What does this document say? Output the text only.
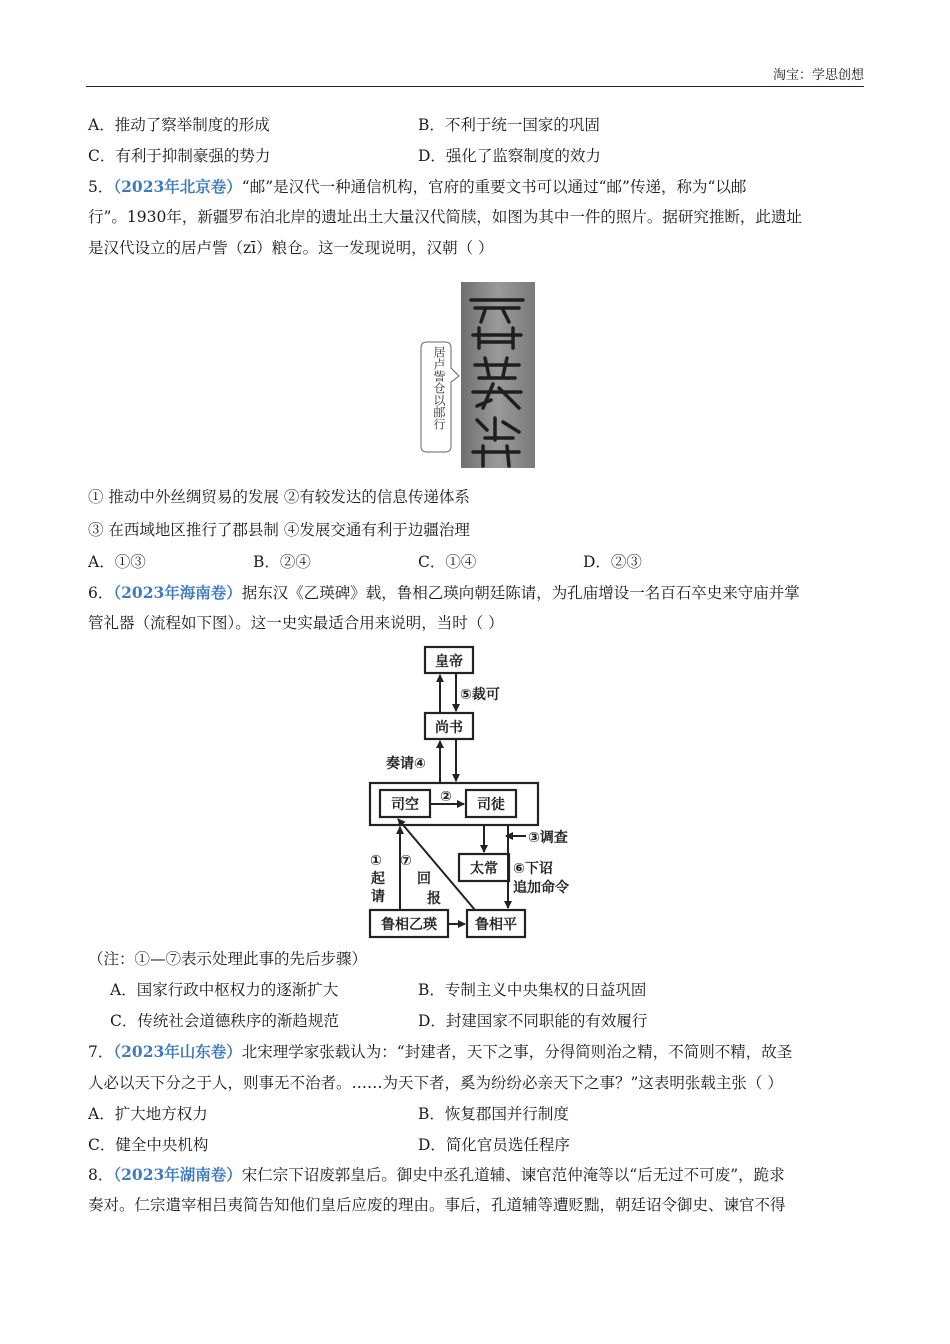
淘宝：学思创想
A．推动了察举制度的形成	B．不利于统一国家的巩固
C．有利于抑制豪强的势力	D．强化了监察制度的效力
5．（2023年北京卷）“邮”是汉代一种通信机构，官府的重要文书可以通过“邮”传递，称为“以邮
行”。1930年，新疆罗布泊北岸的遗址出土大量汉代简牍，如图为其中一件的照片。据研究推断，此遗址
是汉代设立的居卢訾（zī）粮仓。这一发现说明，汉朝（ ）
居卢訾仓以邮行
① 推动中外丝绸贸易的发展 ②有较发达的信息传递体系
③ 在西域地区推行了郡县制 ④发展交通有利于边疆治理
A．①③	B．②④	C．①④	D．②③
6．（2023年海南卷）据东汉《乙瑛碑》载，鲁相乙瑛向朝廷陈请，为孔庙增设一名百石卒史来守庙并掌
管礼器（流程如下图）。这一史实最适合用来说明，当时（ ）
皇帝
尚书
司空	司徒
太常
鲁相乙瑛	鲁相平
⑤裁可
奏请④
②
③调查
⑥下诏
追加命令
①
起
请
⑦
回
报
（注：①—⑦表示处理此事的先后步骤）
A．国家行政中枢权力的逐渐扩大	B．专制主义中央集权的日益巩固
C．传统社会道德秩序的渐趋规范	D．封建国家不同职能的有效履行
7．（2023年山东卷）北宋理学家张载认为：“封建者，天下之事，分得简则治之精，不简则不精，故圣
人必以天下分之于人，则事无不治者。……为天下者，奚为纷纷必亲天下之事？”这表明张载主张（ ）
A．扩大地方权力	B．恢复郡国并行制度
C．健全中央机构	D．简化官员选任程序
8．（2023年湖南卷）宋仁宗下诏废郭皇后。御史中丞孔道辅、谏官范仲淹等以“后无过不可废”，跪求
奏对。仁宗遣宰相吕夷简告知他们皇后应废的理由。事后，孔道辅等遭贬黜，朝廷诏令御史、谏官不得
